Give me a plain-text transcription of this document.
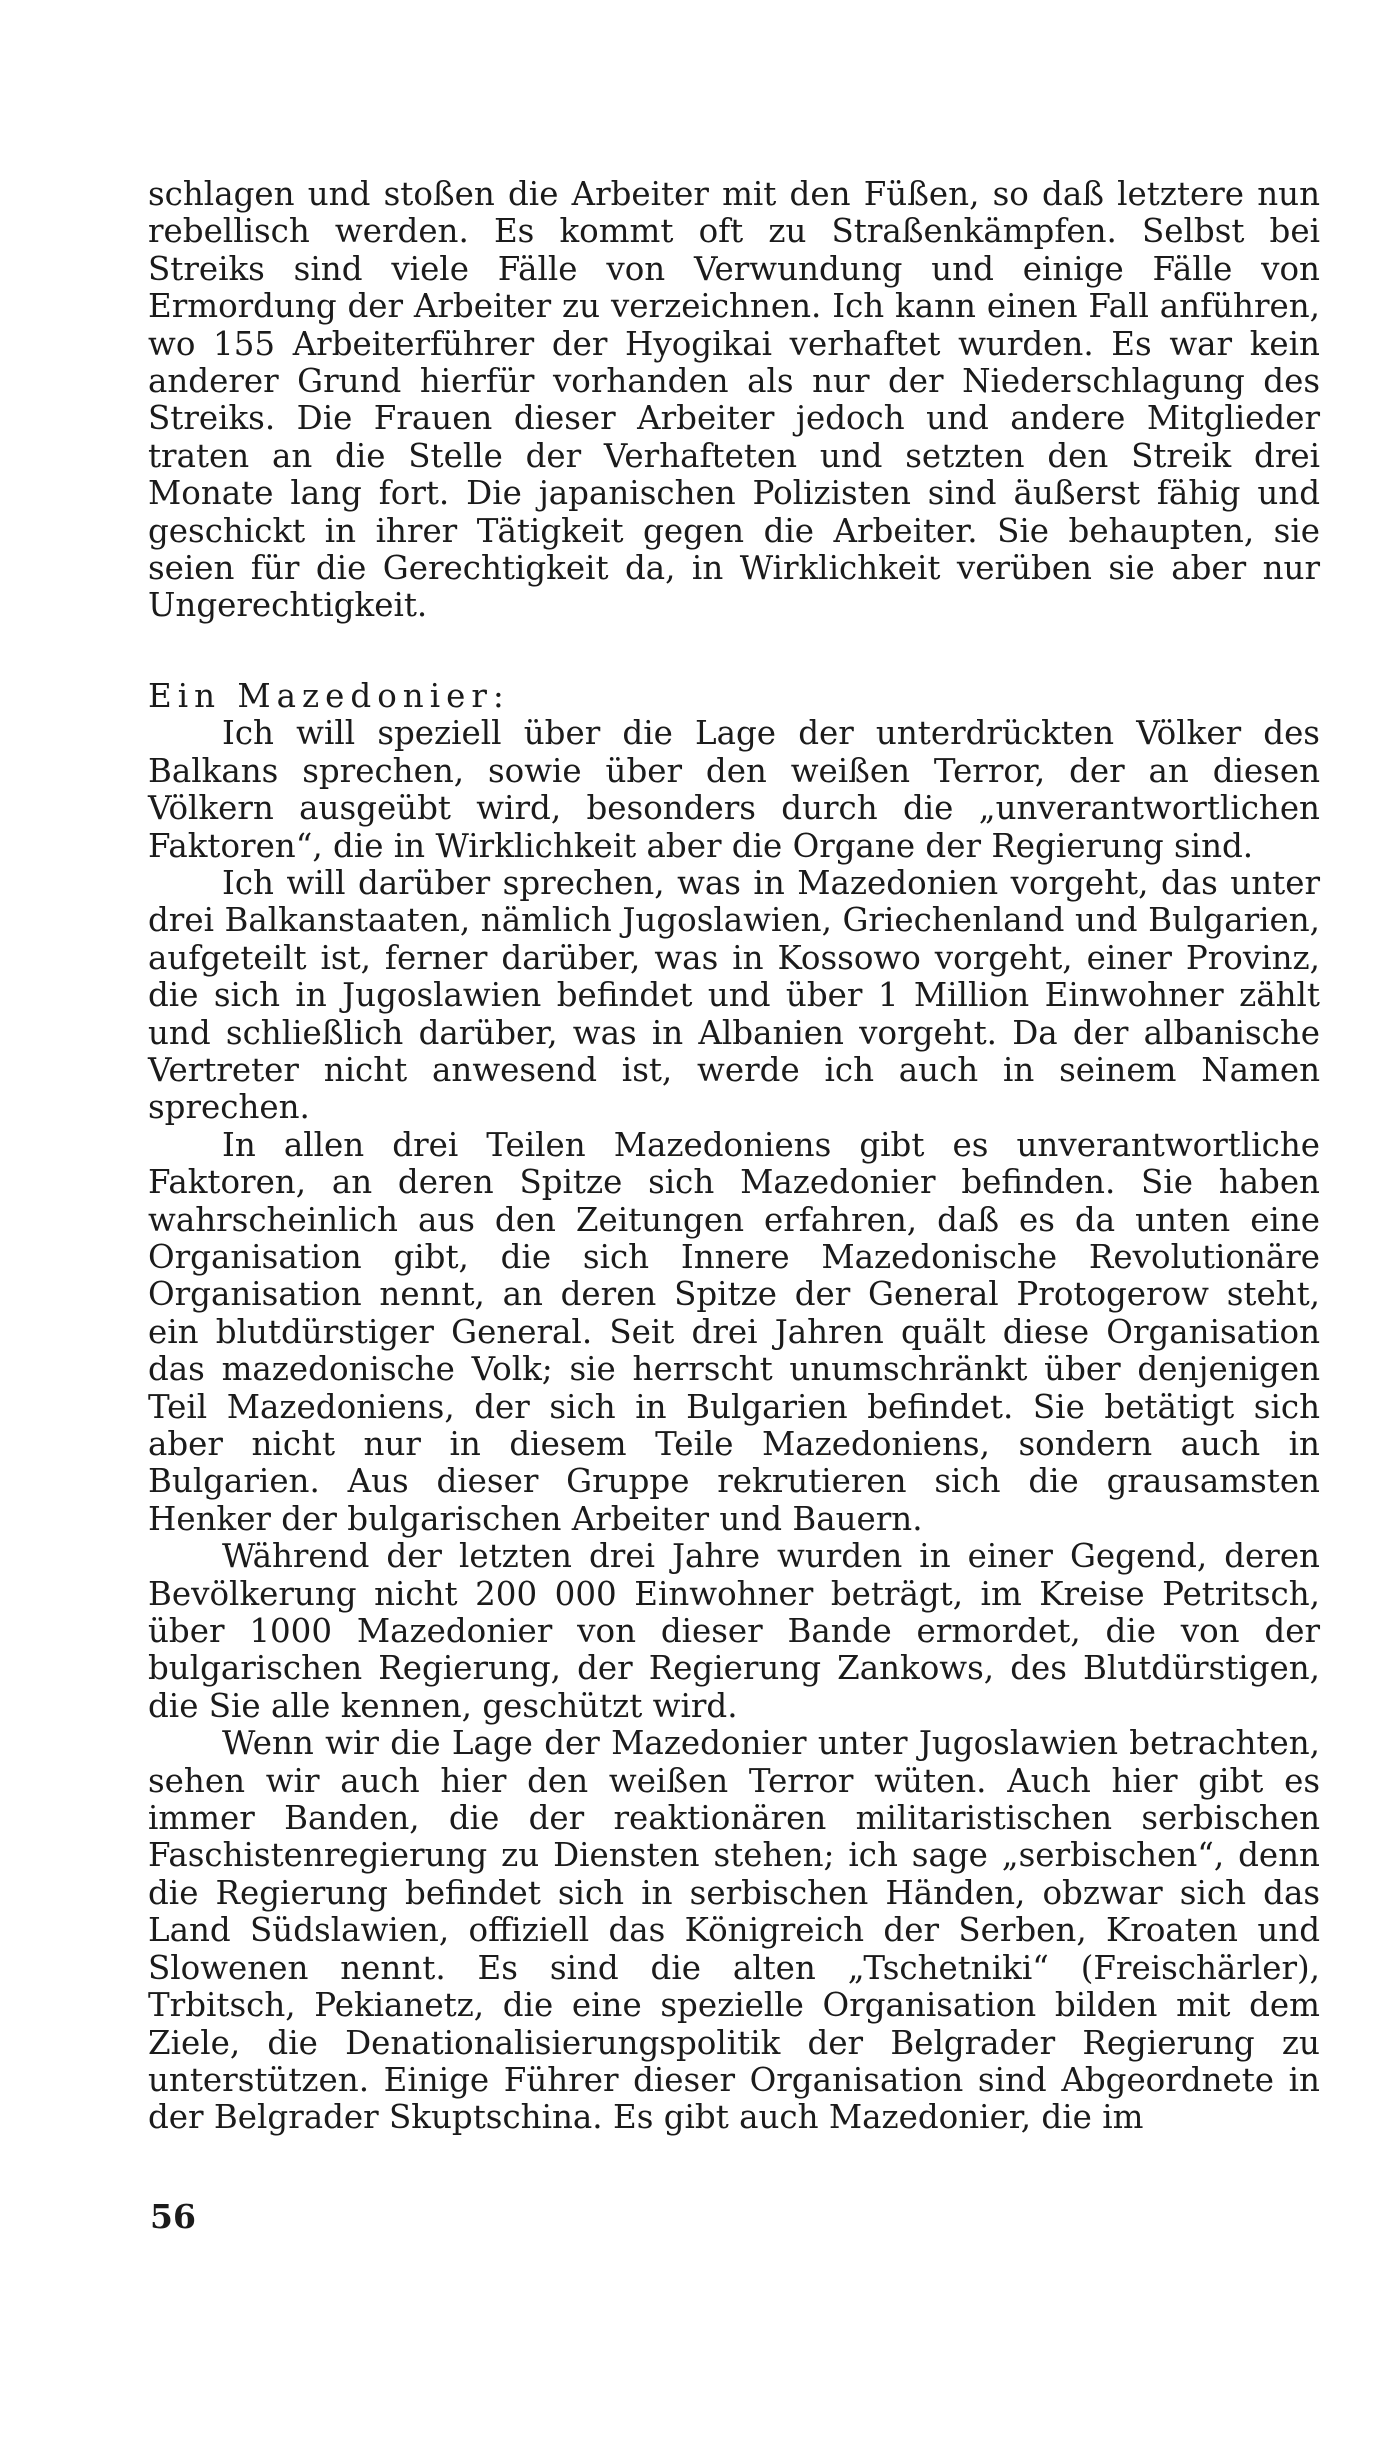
schlagen und stoßen die Arbeiter mit den Füßen, so daß letztere nun rebellisch werden. Es kommt oft zu Straßenkämpfen. Selbst bei Streiks sind viele Fälle von Verwundung und einige Fälle von Ermordung der Arbeiter zu verzeichnen. Ich kann einen Fall anführen, wo 155 Arbeiterführer der Hyogikai verhaftet wurden. Es war kein anderer Grund hierfür vorhanden als nur der Niederschlagung des Streiks. Die Frauen dieser Arbeiter jedoch und andere Mitglieder traten an die Stelle der Verhafteten und setzten den Streik drei Monate lang fort. Die japanischen Polizisten sind äußerst fähig und geschickt in ihrer Tätigkeit gegen die Arbeiter. Sie behaupten, sie seien für die Gerechtigkeit da, in Wirklichkeit verüben sie aber nur Ungerechtigkeit.

Ein Mazedonier:

Ich will speziell über die Lage der unterdrückten Völker des Balkans sprechen, sowie über den weißen Terror, der an diesen Völkern ausgeübt wird, besonders durch die „unverantwortlichen Faktoren“, die in Wirklichkeit aber die Organe der Regierung sind.

Ich will darüber sprechen, was in Mazedonien vorgeht, das unter drei Balkanstaaten, nämlich Jugoslawien, Griechenland und Bulgarien, aufgeteilt ist, ferner darüber, was in Kossowo vorgeht, einer Provinz, die sich in Jugoslawien befindet und über 1 Million Einwohner zählt und schließlich darüber, was in Albanien vorgeht. Da der albanische Vertreter nicht anwesend ist, werde ich auch in seinem Namen sprechen.

In allen drei Teilen Mazedoniens gibt es unverantwortliche Faktoren, an deren Spitze sich Mazedonier befinden. Sie haben wahrscheinlich aus den Zeitungen erfahren, daß es da unten eine Organisation gibt, die sich Innere Mazedonische Revolutionäre Organisation nennt, an deren Spitze der General Protogerow steht, ein blutdürstiger General. Seit drei Jahren quält diese Organisation das mazedonische Volk; sie herrscht unumschränkt über denjenigen Teil Mazedoniens, der sich in Bulgarien befindet. Sie betätigt sich aber nicht nur in diesem Teile Mazedoniens, sondern auch in Bulgarien. Aus dieser Gruppe rekrutieren sich die grausamsten Henker der bulgarischen Arbeiter und Bauern.

Während der letzten drei Jahre wurden in einer Gegend, deren Bevölkerung nicht 200 000 Einwohner beträgt, im Kreise Petritsch, über 1000 Mazedonier von dieser Bande ermordet, die von der bulgarischen Regierung, der Regierung Zankows, des Blutdürstigen, die Sie alle kennen, geschützt wird.

Wenn wir die Lage der Mazedonier unter Jugoslawien betrachten, sehen wir auch hier den weißen Terror wüten. Auch hier gibt es immer Banden, die der reaktionären militaristischen serbischen Faschistenregierung zu Diensten stehen; ich sage „serbischen“, denn die Regierung befindet sich in serbischen Händen, obzwar sich das Land Südslawien, offiziell das Königreich der Serben, Kroaten und Slowenen nennt. Es sind die alten „Tschetniki“ (Freischärler), Trbitsch, Pekianetz, die eine spezielle Organisation bilden mit dem Ziele, die Denationalisierungspolitik der Belgrader Regierung zu unterstützen. Einige Führer dieser Organisation sind Abgeordnete in der Belgrader Skuptschina. Es gibt auch Mazedonier, die im

56
